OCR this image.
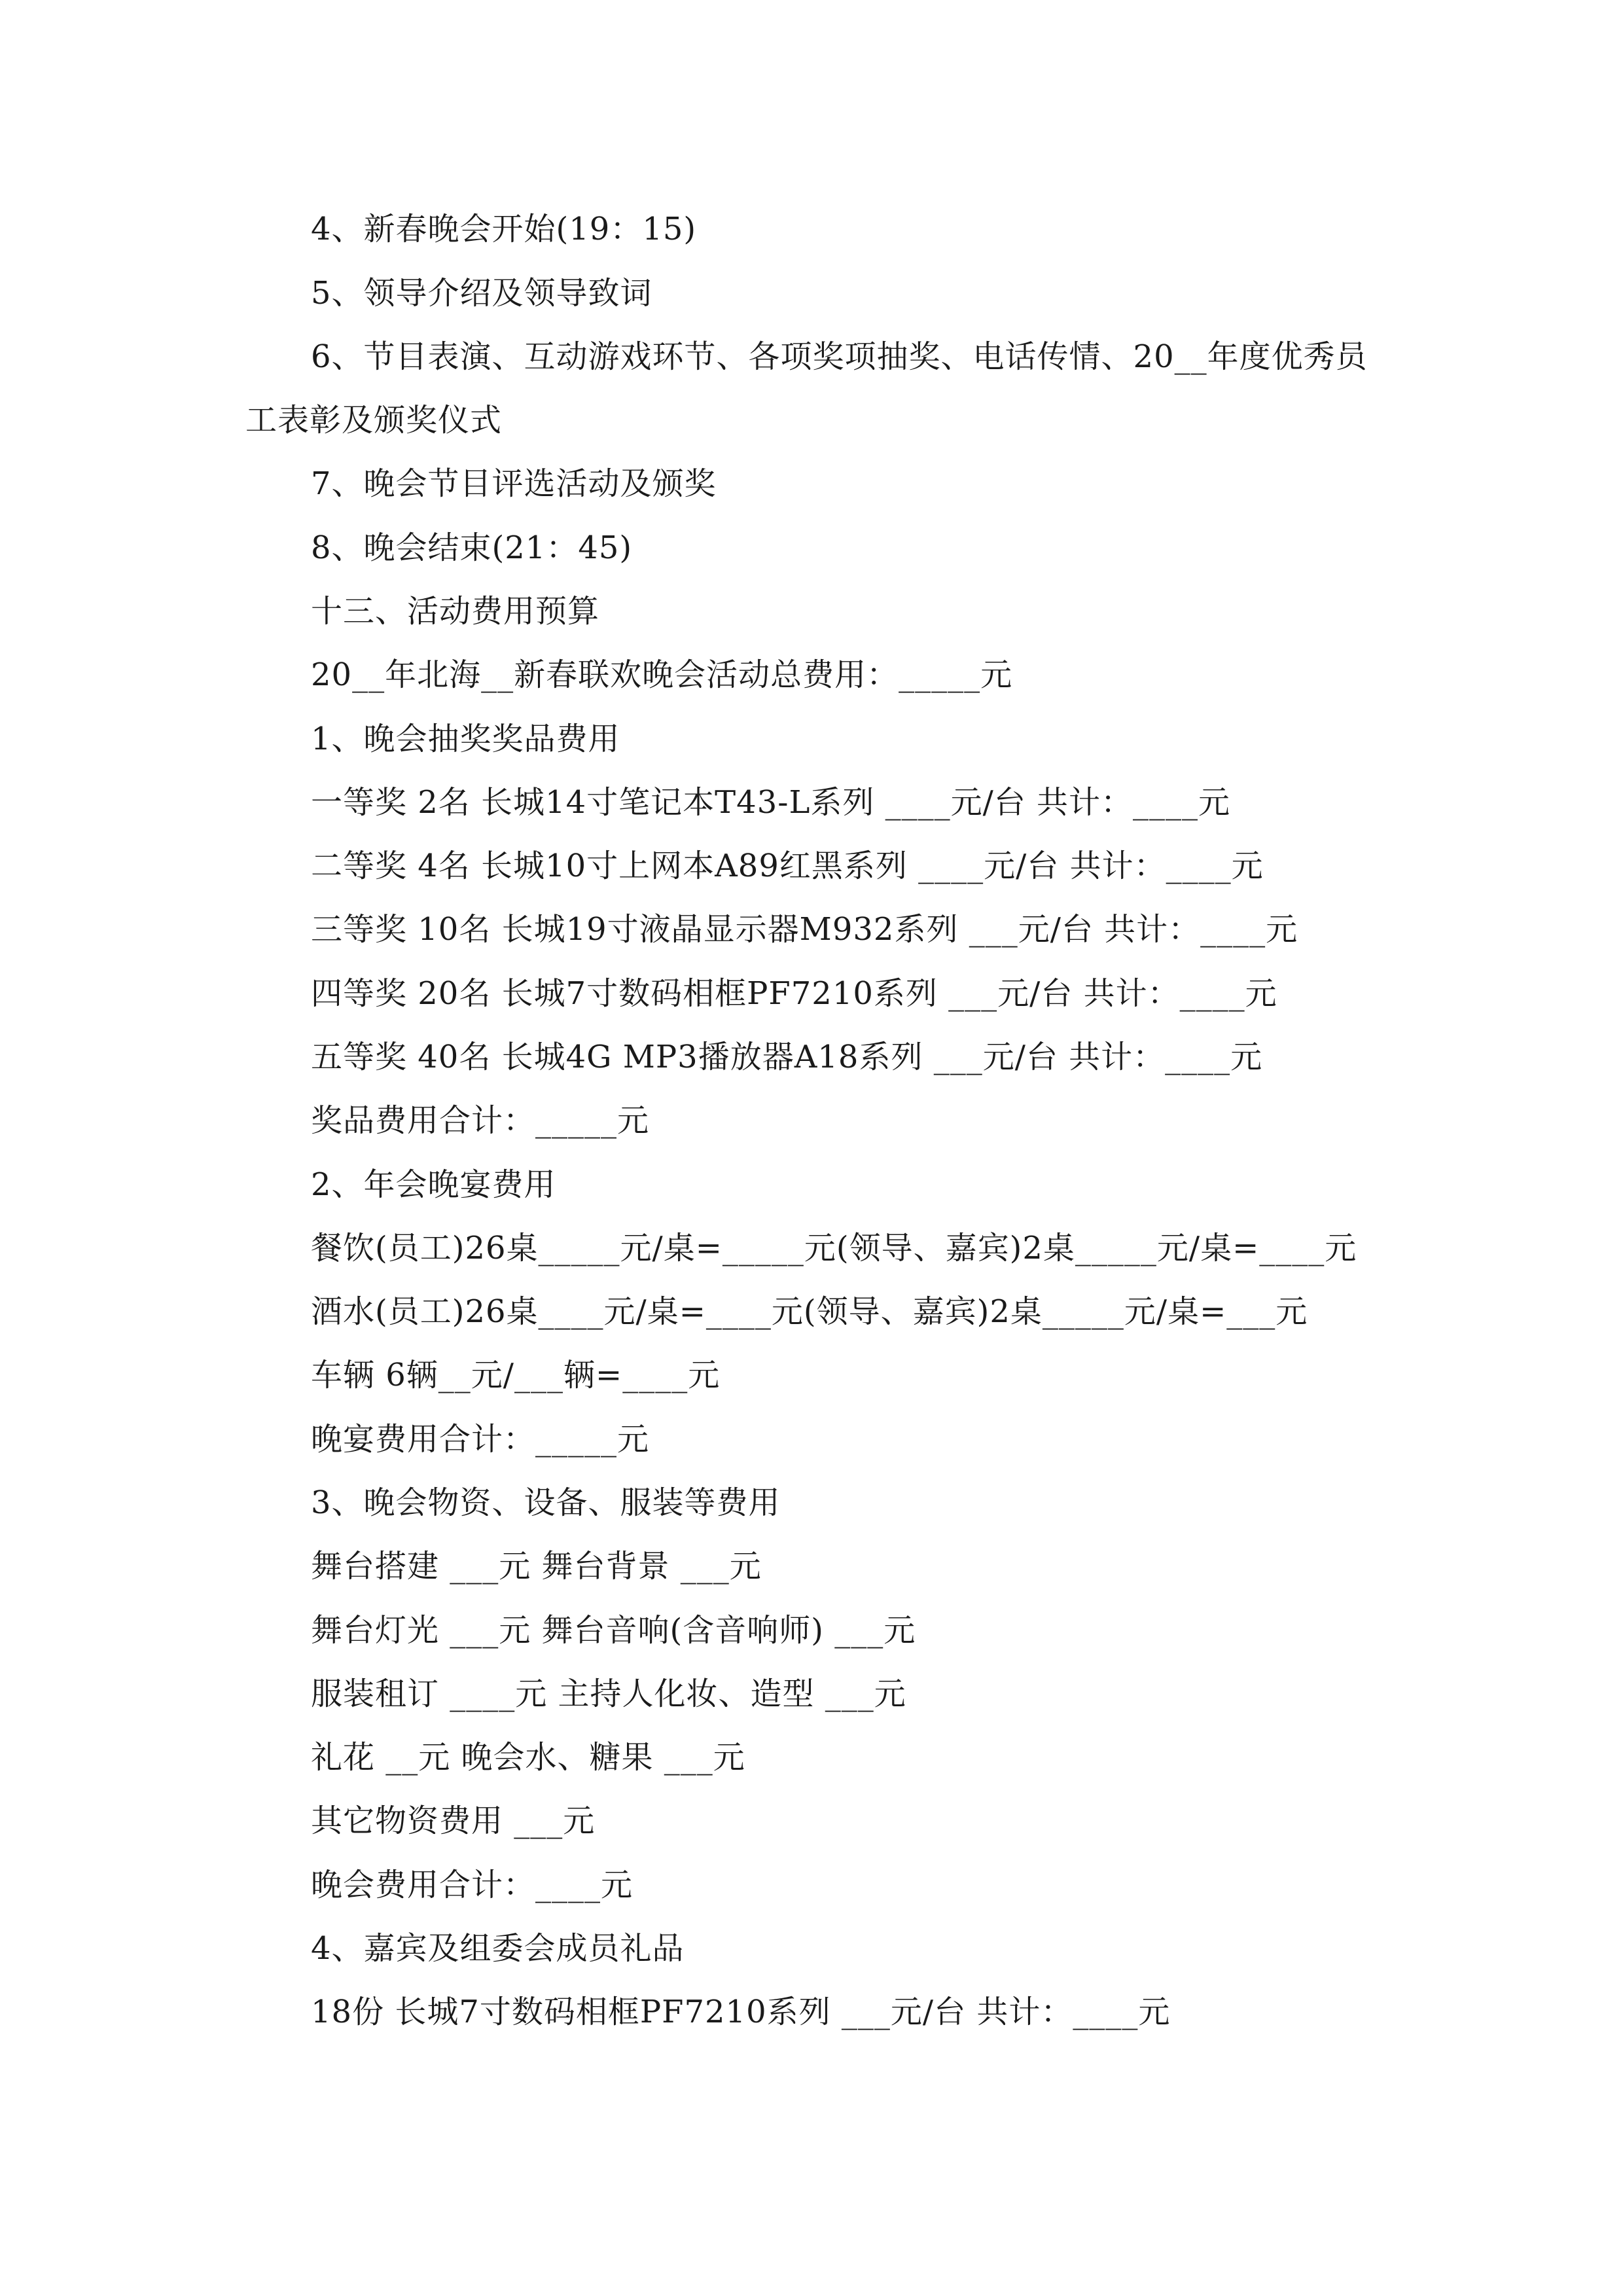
4、新春晚会开始(19：15)
5、领导介绍及领导致词
6、节目表演、互动游戏环节、各项奖项抽奖、电话传情、20__年度优秀员
工表彰及颁奖仪式
7、晚会节目评选活动及颁奖
8、晚会结束(21：45)
十三、活动费用预算
20__年北海__新春联欢晚会活动总费用：_____元
1、晚会抽奖奖品费用
一等奖 2名 长城14寸笔记本T43-L系列 ____元/台 共计：____元
二等奖 4名 长城10寸上网本A89红黑系列 ____元/台 共计：____元
三等奖 10名 长城19寸液晶显示器M932系列 ___元/台 共计：____元
四等奖 20名 长城7寸数码相框PF7210系列 ___元/台 共计：____元
五等奖 40名 长城4G MP3播放器A18系列 ___元/台 共计：____元
奖品费用合计：_____元
2、年会晚宴费用
餐饮(员工)26桌_____元/桌=_____元(领导、嘉宾)2桌_____元/桌=____元
酒水(员工)26桌____元/桌=____元(领导、嘉宾)2桌_____元/桌=___元
车辆 6辆__元/___辆=____元
晚宴费用合计：_____元
3、晚会物资、设备、服装等费用
舞台搭建 ___元 舞台背景 ___元
舞台灯光 ___元 舞台音响(含音响师) ___元
服装租订 ____元 主持人化妆、造型 ___元
礼花 __元 晚会水、糖果 ___元
其它物资费用 ___元
晚会费用合计：____元
4、嘉宾及组委会成员礼品
18份 长城7寸数码相框PF7210系列 ___元/台 共计：____元
